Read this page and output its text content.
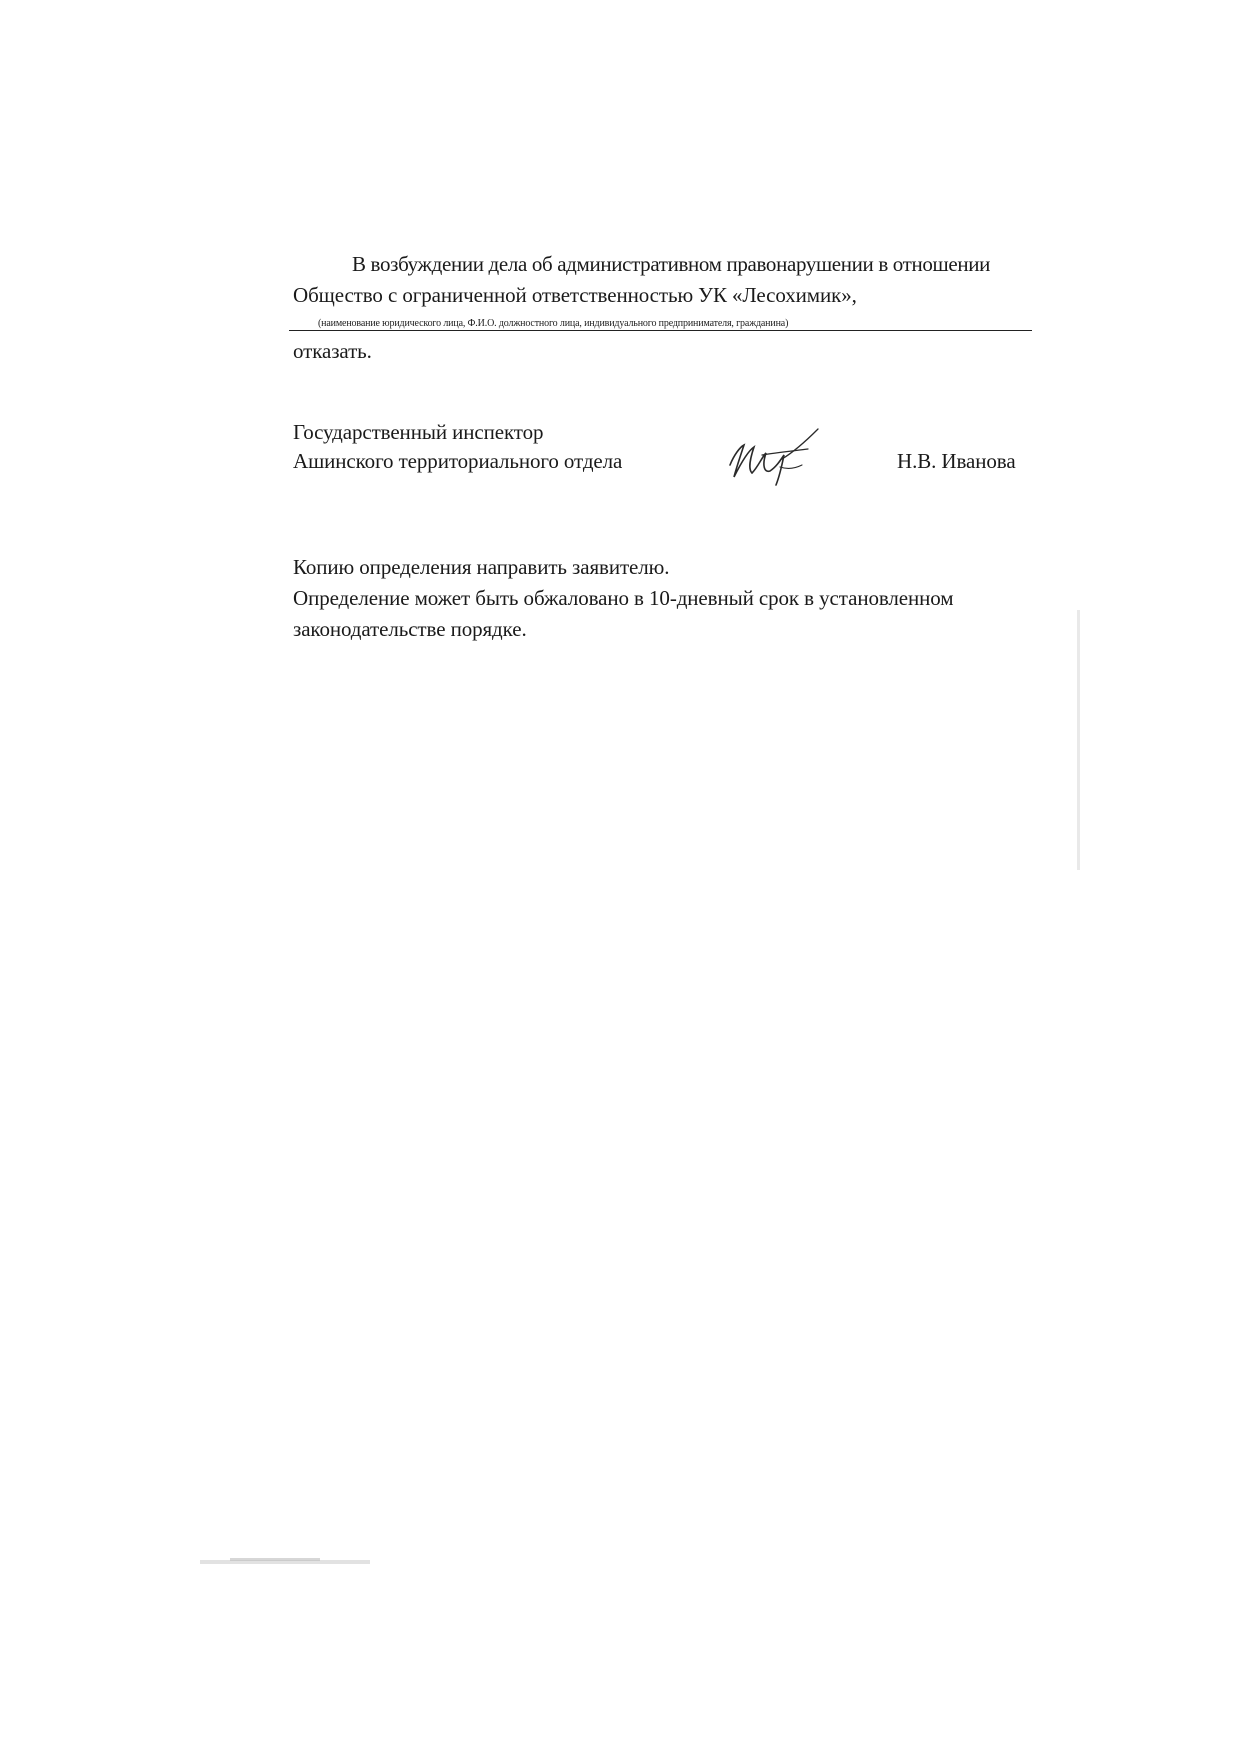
В возбуждении дела об административном правонарушении в отношении
Общество с ограниченной ответственностью УК «Лесохимик»,
(наименование юридического лица, Ф.И.О. должностного лица, индивидуального предпринимателя, гражданина)
отказать.
Государственный инспектор
Ашинского территориального отдела	Н.В. Иванова
Копию определения направить заявителю.
Определение может быть обжаловано в 10-дневный срок в установленном
законодательстве порядке.
